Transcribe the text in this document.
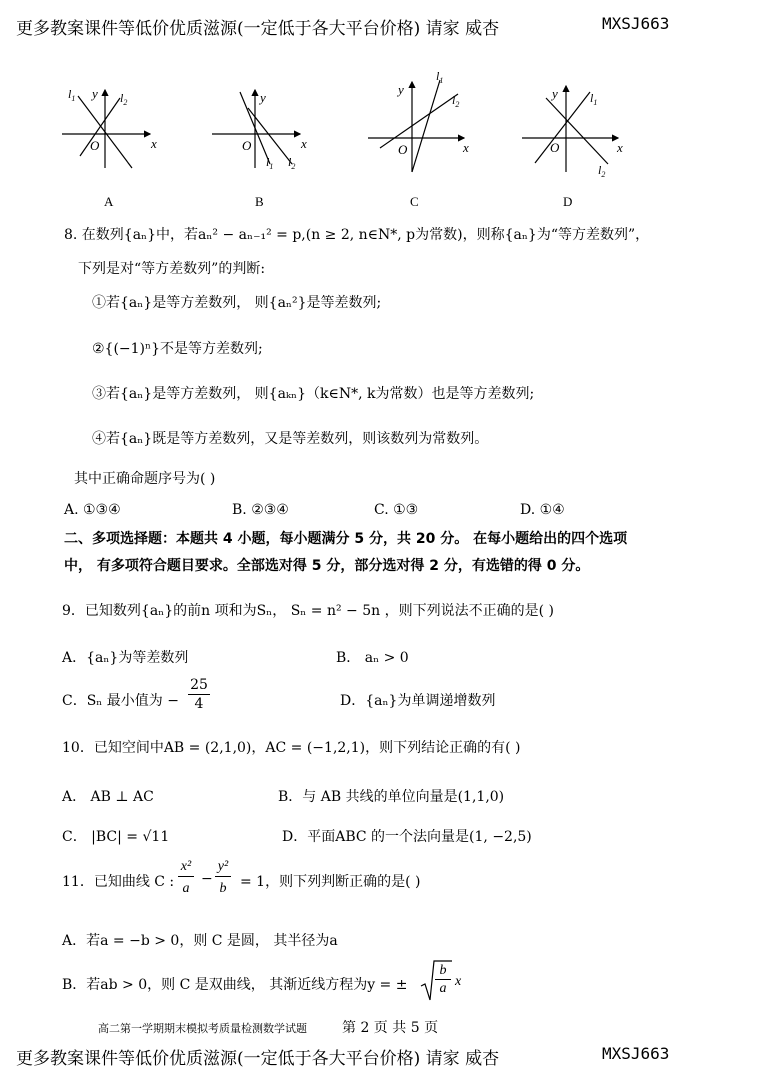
更多教案课件等低价优质滋源(一定低于各大平台价格) 请家 威杏	MXSJ663
x
y
O
$l_1$	$l_2$
x
y
O
$l_1$ $l_2$
x
y
O
$l_1$
$l_2$
x
y
O
$l_1$
$l_2$
A	B	C	D
8. 在数列{aₙ}中，若aₙ² − aₙ₋₁² = p,(n ≥ 2, n∈N*, p为常数)，则称{aₙ}为“等方差数列”，
下列是对“等方差数列”的判断:
①若{aₙ}是等方差数列， 则{aₙ²}是等差数列;
②{(−1)ⁿ}不是等方差数列;
③若{aₙ}是等方差数列， 则{aₖₙ}（k∈N*, k为常数）也是等方差数列;
④若{aₙ}既是等方差数列，又是等差数列，则该数列为常数列。
其中正确命题序号为( )
A. ①③④	B. ②③④	C. ①③	D. ①④
二、多项选择题：本题共 4 小题，每小题满分 5 分，共 20 分。 在每小题给出的四个选项
中， 有多项符合题目要求。全部选对得 5 分，部分选对得 2 分，有选错的得 0 分。
9．已知数列{aₙ}的前n 项和为Sₙ， Sₙ = n² − 5n ，则下列说法不正确的是( )
A．{aₙ}为等差数列	B． aₙ > 0
C．Sₙ 最小值为 −
25
4	D．{aₙ}为单调递增数列
10．已知空间中AB = (2,1,0)，AC = (−1,2,1)，则下列结论正确的有( )
A． AB ⊥ AC	B．与 AB 共线的单位向量是(1,1,0)
C． |BC| = √11	D．平面ABC 的一个法向量是(1, −2,5)
11．已知曲线 C :
x²
a
−
y²
b = 1，则下列判断正确的是( )
A．若a = −b > 0，则 C 是圆， 其半径为a
B．若ab > 0，则 C 是双曲线， 其渐近线方程为y = ±
b
a x
高二第一学期期末模拟考质量检测数学试题	第 2 页 共 5 页
更多教案课件等低价优质滋源(一定低于各大平台价格) 请家 威杏	MXSJ663
